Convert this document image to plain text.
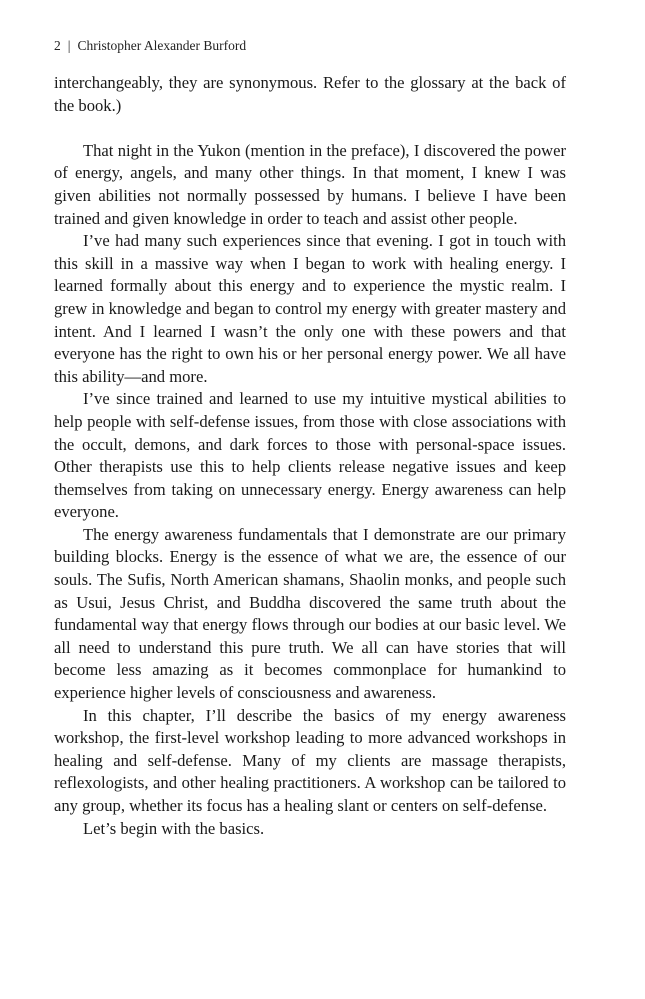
2 | Christopher Alexander Burford

interchangeably, they are synonymous. Refer to the glossary at the back of the book.)

That night in the Yukon (mention in the preface), I discovered the power of energy, angels, and many other things. In that moment, I knew I was given abilities not normally possessed by humans. I believe I have been trained and given knowledge in order to teach and assist other people.

I’ve had many such experiences since that evening. I got in touch with this skill in a massive way when I began to work with healing energy. I learned formally about this energy and to experience the mystic realm. I grew in knowledge and began to control my energy with greater mastery and intent. And I learned I wasn’t the only one with these powers and that everyone has the right to own his or her personal energy power. We all have this ability—and more.

I’ve since trained and learned to use my intuitive mystical abilities to help people with self-defense issues, from those with close associations with the occult, demons, and dark forces to those with personal-space issues. Other therapists use this to help clients release negative issues and keep themselves from taking on unnecessary energy. Energy awareness can help everyone.

The energy awareness fundamentals that I demonstrate are our primary building blocks. Energy is the essence of what we are, the essence of our souls. The Sufis, North American shamans, Shaolin monks, and people such as Usui, Jesus Christ, and Buddha discovered the same truth about the fundamental way that energy flows through our bodies at our basic level. We all need to understand this pure truth. We all can have stories that will become less amazing as it becomes commonplace for humankind to experience higher levels of consciousness and awareness.

In this chapter, I’ll describe the basics of my energy awareness workshop, the first-level workshop leading to more advanced workshops in healing and self-defense. Many of my clients are massage therapists, reflexologists, and other healing practitioners. A workshop can be tailored to any group, whether its focus has a healing slant or centers on self-defense.

Let’s begin with the basics.
